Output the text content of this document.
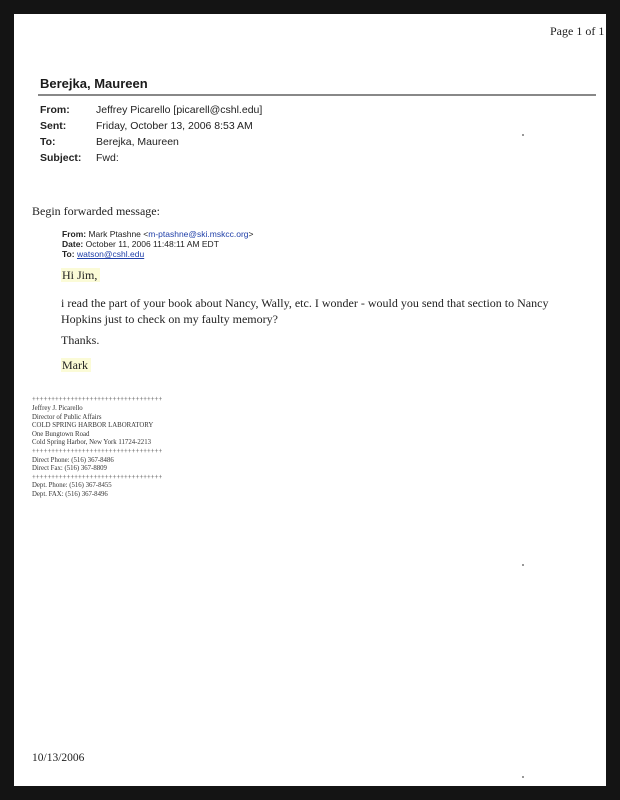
Page 1 of 1
Berejka, Maureen
From:	Jeffrey Picarello [picarell@cshl.edu]
Sent:	Friday, October 13, 2006 8:53 AM
To:	Berejka, Maureen
Subject: Fwd:
Begin forwarded message:
From: Mark Ptashne <m-ptashne@ski.mskcc.org>
Date: October 11, 2006 11:48:11 AM EDT
To: watson@cshl.edu
Hi Jim,
i read the part of your book about Nancy, Wally, etc. I wonder - would you send that section to Nancy
Hopkins just to check on my faulty memory?
Thanks.
Mark
++++++++++++++++++++++++++++++++++
Jeffrey J. Picarello
Director of Public Affairs
COLD SPRING HARBOR LABORATORY
One Bungtown Road
Cold Spring Harbor, New York 11724-2213
++++++++++++++++++++++++++++++++++
Direct Phone: (516) 367-8486
Direct Fax: (516) 367-8809
++++++++++++++++++++++++++++++++++
Dept. Phone: (516) 367-8455
Dept. FAX: (516) 367-8496
10/13/2006
